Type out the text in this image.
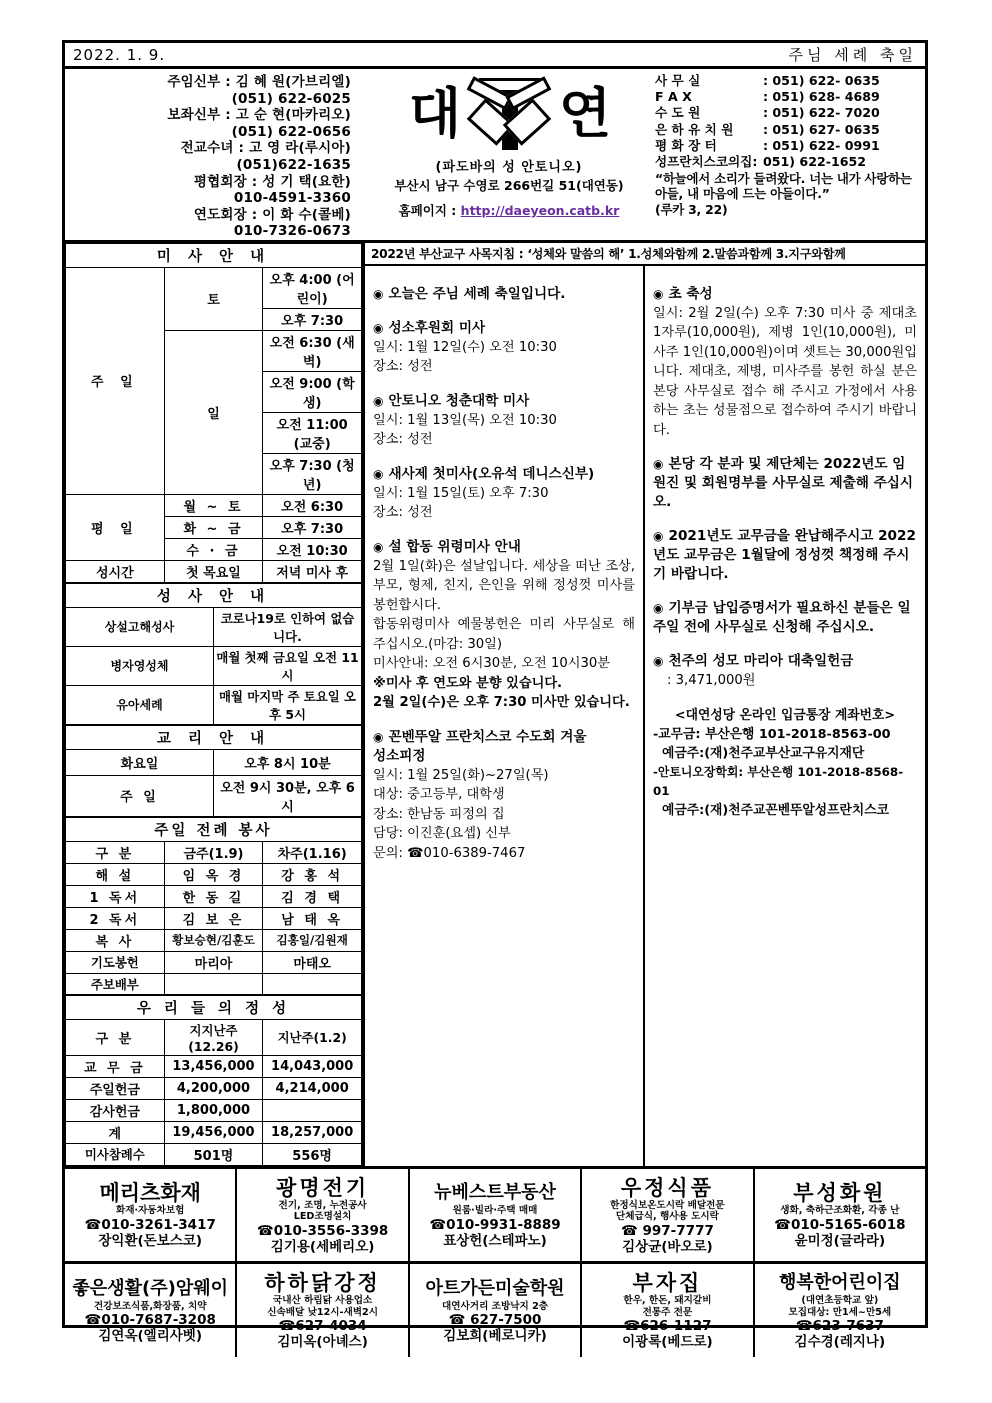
2022. 1. 9.	주님 세례 축일
주임신부 : 김 혜 원(가브리엘)
(051) 622-6025
보좌신부 : 고 순 현(마카리오)
(051) 622-0656
전교수녀 : 고 영 라(루시아)
(051)622-1635
평협회장 : 성 기 택(요한)
010-4591-3360
연도회장 : 이 화 수(콜베)
010-7326-0673
대 연
(파도바의 성 안토니오)
부산시 남구 수영로 266번길 51(대연동)
홈페이지 : http://daeyeon.catb.kr
사 무 실	: 051) 622- 0635
F A X	: 051) 628- 4689
수 도 원	: 051) 622- 7020
은 하 유 치 원	: 051) 627- 0635
평 화 장 터	: 051) 622- 0991
성프란치스코의집: 051) 622-1652
“하늘에서 소리가 들려왔다. 너는 내가 사랑하는 아들, 내 마음에 드는 아들이다.”
(루카 3, 22)
미 사 안 내		
주 일	토	오후 4:00 (어린이)
		오후 7:30
	일	오전 6:30 (새벽)
		오전 9:00 (학생)
		오전 11:00 (교중)
		오후 7:30 (청년)
평 일	월 ~ 토	오전 6:30
	화 ~ 금	오후 7:30
	수 · 금	오전 10:30
성시간	첫 목요일	저녁 미사 후
성 사 안 내	
상설고해성사	코로나19로 인하여 없습니다.
병자영성체	매월 첫째 금요일 오전 11시
유아세례	매월 마지막 주 토요일 오후 5시
교 리 안 내	
화요일	오후 8시 10분
주 일	오전 9시 30분, 오후 6시
주일 전례 봉사		
구 분	금주(1.9)	차주(1.16)
해 설	임 옥 경	강 홍 석
1 독서	한 동 길	김 경 택
2 독서	김 보 은	남 태 옥
복 사	황보승현/김훈도	김홍일/김원재
기도봉헌	마리아	마태오
주보배부		
우 리 들 의 정 성		
구 분	지지난주(12.26)	지난주(1.2)
교 무 금	13,456,000	14,043,000
주일헌금	4,200,000	4,214,000
감사헌금	1,800,000	
계	19,456,000	18,257,000
미사참례수	501명	556명
2022년 부산교구 사목지침 : ‘성체와 말씀의 해’ 1.성체와함께 2.말씀과함께 3.지구와함께
◉ 오늘은 주님 세례 축일입니다.
◉ 성소후원회 미사
일시: 1월 12일(수) 오전 10:30
장소: 성전
◉ 안토니오 청춘대학 미사
일시: 1월 13일(목) 오전 10:30
장소: 성전
◉ 새사제 첫미사(오유석 데니스신부)
일시: 1월 15일(토) 오후 7:30
장소: 성전
◉ 설 합동 위령미사 안내
2월 1일(화)은 설날입니다. 세상을 떠난 조상, 부모, 형제, 친지, 은인을 위해 정성껏 미사를 봉헌합시다.
합동위령미사 예물봉헌은 미리 사무실로 해 주십시오.(마감: 30일)
미사안내: 오전 6시30분, 오전 10시30분
※미사 후 연도와 분향 있습니다.
2월 2일(수)은 오후 7:30 미사만 있습니다.
◉ 꼰벤뚜알 프란치스코 수도회 겨울
성소피정
일시: 1월 25일(화)~27일(목)
대상: 중고등부, 대학생
장소: 한남동 피정의 집
담당: 이진훈(요셉) 신부
문의: ☎010-6389-7467
◉ 초 축성
일시: 2월 2일(수) 오후 7:30 미사 중 제대초 1자루(10,000원), 제병 1인(10,000원), 미사주 1인(10,000원)이며 셋트는 30,000원입니다. 제대초, 제병, 미사주를 봉헌 하실 분은 본당 사무실로 접수 해 주시고 가정에서 사용하는 초는 성물점으로 접수하여 주시기 바랍니다.
◉ 본당 각 분과 및 제단체는 2022년도 임원진 및 회원명부를 사무실로 제출해 주십시오.
◉ 2021년도 교무금을 완납해주시고 2022년도 교무금은 1월달에 정성껏 책정해 주시기 바랍니다.
◉ 기부금 납입증명서가 필요하신 분들은 일주일 전에 사무실로 신청해 주십시오.
◉ 천주의 성모 마리아 대축일헌금
: 3,471,000원
<대연성당 온라인 입금통장 계좌번호>
-교무금: 부산은행 101-2018-8563-00
예금주:(재)천주교부산교구유지재단
-안토니오장학회: 부산은행 101-2018-8568-01
예금주:(재)천주교꼰벤뚜알성프란치스코
메리츠화재
화재·자동차보험
☎010-3261-3417
장익환(돈보스코)
광명전기
전기, 조명, 누전공사
LED조명설치
☎010-3556-3398
김기용(세베리오)
뉴베스트부동산
원룸·빌라·주택 매매
☎010-9931-8889
표상헌(스테파노)
우정식품
한정식보온도시락 배달전문
단체급식, 행사용 도시락
☎ 997-7777
김상균(바오로)
부성화원
생화, 축하근조화환, 각종 난
☎010-5165-6018
윤미정(글라라)
좋은생활(주)암웨이
건강보조식품,화장품, 치약
☎010-7687-3208
김연옥(엘리사벳)
하하닭강정
국내산 하림닭 사용업소
신속배달 낮12시-새벽2시
☎627-4034
김미옥(아녜스)
아트가든미술학원
대연사거리 조방낙지 2층
☎ 627-7500
김보희(베로니카)
부자집
한우, 한돈, 돼지갈비
전통주 전문
☎626-1127
이광록(베드로)
행복한어린이집
(대연초등학교 앞)
모집대상: 만1세~만5세
☎623-7637
김수경(레지나)
